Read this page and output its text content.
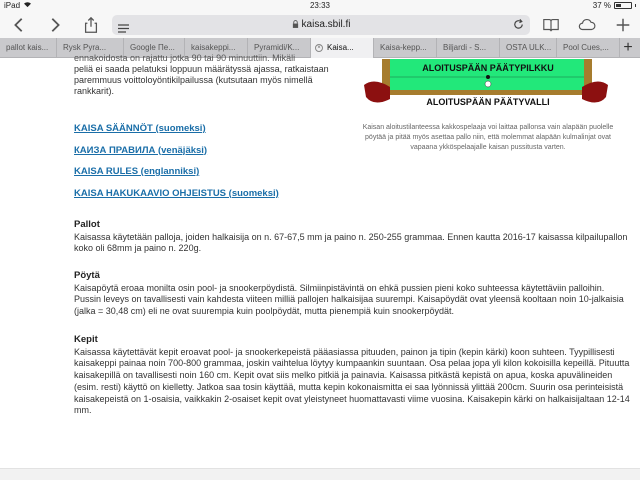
iPad	23:33	37 %
kaisa.sbil.fi
pallot kais...	Rysk Pyra...	Google Пе...	kaisakeppi...	Pyramidi/K...	× Kaisa...	Kaisa-kepp...	Biljardi - S...	OSTA ULK...	Pool Cues,... +
ennakoidosta on rajattu jotka 90 tai 90 minuuttiin. Mikäli
peliä ei saada pelatuksi loppuun määrätyssä ajassa, ratkaistaan paremmuus voittoloyöntikilpailussa (kutsutaan myös nimellä rankkarit).
KAISA SÄÄNNÖT (suomeksi)
КАИЗА ПРАВИЛА (venäjäksi)
KAISA RULES (englanniksi)
KAISA HAKUKAAVIO OHJEISTUS (suomeksi)
ALOITUSPÄÄN PÄÄTYPILKKU
ALOITUSPÄÄN PÄÄTYVALLI
Kaisan aloitustilanteessa kakkospelaaja voi laittaa pallonsa vain alapään puolelle pöytää ja pitää myös asettaa pallo niin, että molemmat alapään kulmalinjat ovat vapaana ykköspelaajalle kaisan pussitusta varten.
Pallot

Kaisassa käytetään palloja, joiden halkaisija on n. 67-67,5 mm ja paino n. 250-255 grammaa. Ennen kautta 2016-17 kaisassa kilpailupallon koko oli 68mm ja paino n. 220g.

Pöytä

Kaisapöytä eroaa monilta osin pool- ja snookerpöydistä. Silmiinpistävintä on ehkä pussien pieni koko suhteessa käytettäviin palloihin. Pussin leveys on tavallisesti vain kahdesta viiteen milliä pallojen halkaisijaa suurempi. Kaisapöydät ovat yleensä kooltaan noin 10-jalkaisia (jalka = 30,48 cm) eli ne ovat suurempia kuin poolpöydät, mutta pienempiä kuin snookerpöydät.

Kepit

Kaisassa käytettävät kepit eroavat pool- ja snookerkepeistä pääasiassa pituuden, painon ja tipin (kepin kärki) koon suhteen. Tyypillisesti kaisakeppi painaa noin 700-800 grammaa, joskin vaihtelua löytyy kumpaankin suuntaan. Osa pelaa jopa yli kilon kokoisilla kepeillä. Pituutta kaisakepillä on tavallisesti noin 160 cm. Kepit ovat siis melko pitkiä ja painavia. Kaisassa pitkästä kepistä on apua, koska apuvälineiden (esim. resti) käyttö on kielletty. Jatkoa saa tosin käyttää, mutta kepin kokonaismitta ei saa lyönnissä ylittää 200cm. Suurin osa perinteisistä kaisakepeistä on 1-osaisia, vaikkakin 2-osaiset kepit ovat yleistyneet huomattavasti viime vuosina. Kaisakepin kärki on halkaisijaltaan 12-14 mm.
